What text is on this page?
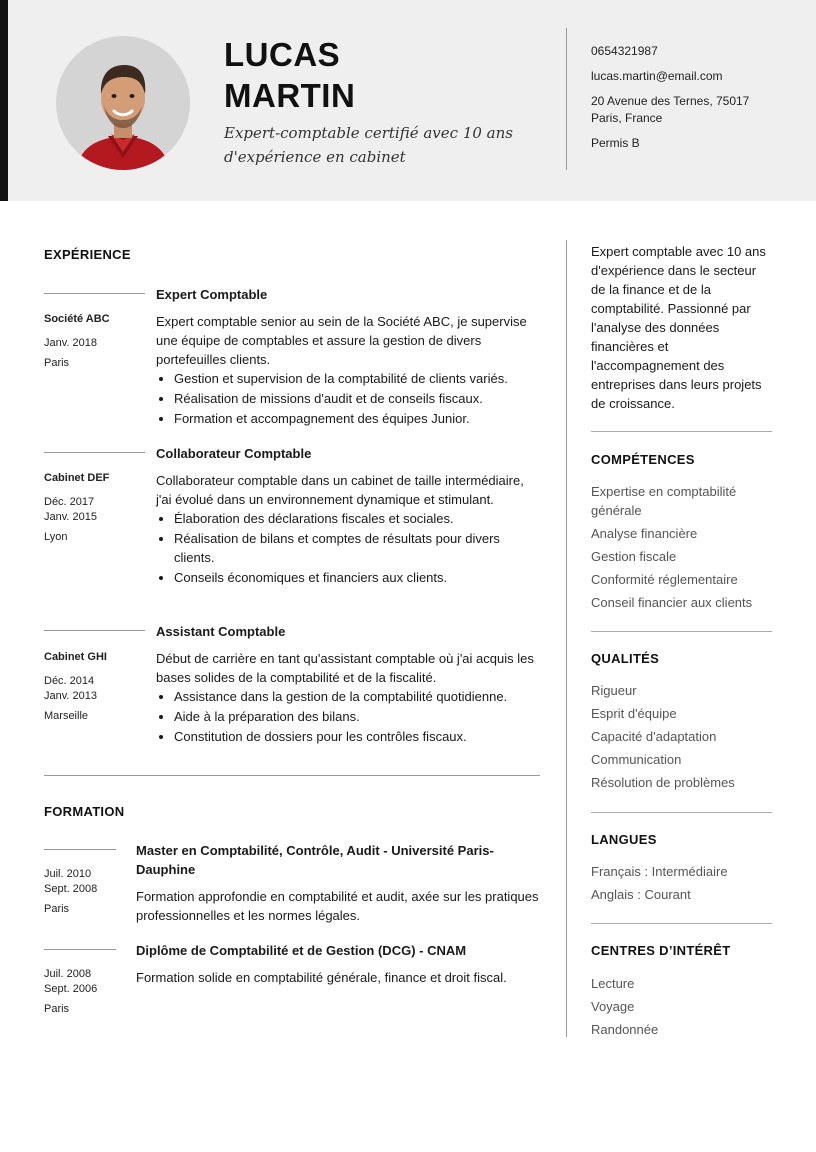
LUCAS
MARTIN

Expert-comptable certifié avec 10 ans d'expérience en cabinet

0654321987
lucas.martin@email.com
20 Avenue des Ternes, 75017 Paris, France
Permis B
EXPÉRIENCE
Société ABC
Janv. 2018
Paris
Expert Comptable

Expert comptable senior au sein de la Société ABC, je supervise une équipe de comptables et assure la gestion de divers portefeuilles clients.

• Gestion et supervision de la comptabilité de clients variés.
• Réalisation de missions d'audit et de conseils fiscaux.
• Formation et accompagnement des équipes Junior.
Cabinet DEF
Déc. 2017
Janv. 2015
Lyon
Collaborateur Comptable

Collaborateur comptable dans un cabinet de taille intermédiaire, j'ai évolué dans un environnement dynamique et stimulant.

• Élaboration des déclarations fiscales et sociales.
• Réalisation de bilans et comptes de résultats pour divers clients.
• Conseils économiques et financiers aux clients.
Cabinet GHI
Déc. 2014
Janv. 2013
Marseille
Assistant Comptable

Début de carrière en tant qu'assistant comptable où j'ai acquis les bases solides de la comptabilité et de la fiscalité.

• Assistance dans la gestion de la comptabilité quotidienne.
• Aide à la préparation des bilans.
• Constitution de dossiers pour les contrôles fiscaux.
FORMATION
Juil. 2010
Sept. 2008
Paris
Master en Comptabilité, Contrôle, Audit - Université Paris-Dauphine

Formation approfondie en comptabilité et audit, axée sur les pratiques professionnelles et les normes légales.

Juil. 2008
Sept. 2006
Paris
Diplôme de Comptabilité et de Gestion (DCG) - CNAM

Formation solide en comptabilité générale, finance et droit fiscal.

Expert comptable avec 10 ans d'expérience dans le secteur de la finance et de la comptabilité. Passionné par l'analyse des données financières et l'accompagnement des entreprises dans leurs projets de croissance.
COMPÉTENCES
Expertise en comptabilité générale
Analyse financière
Gestion fiscale
Conformité réglementaire
Conseil financier aux clients
QUALITÉS
Rigueur
Esprit d'équipe
Capacité d'adaptation
Communication
Résolution de problèmes
LANGUES
Français : Intermédiaire
Anglais : Courant
CENTRES D’INTÉRÊT
Lecture
Voyage
Randonnée
